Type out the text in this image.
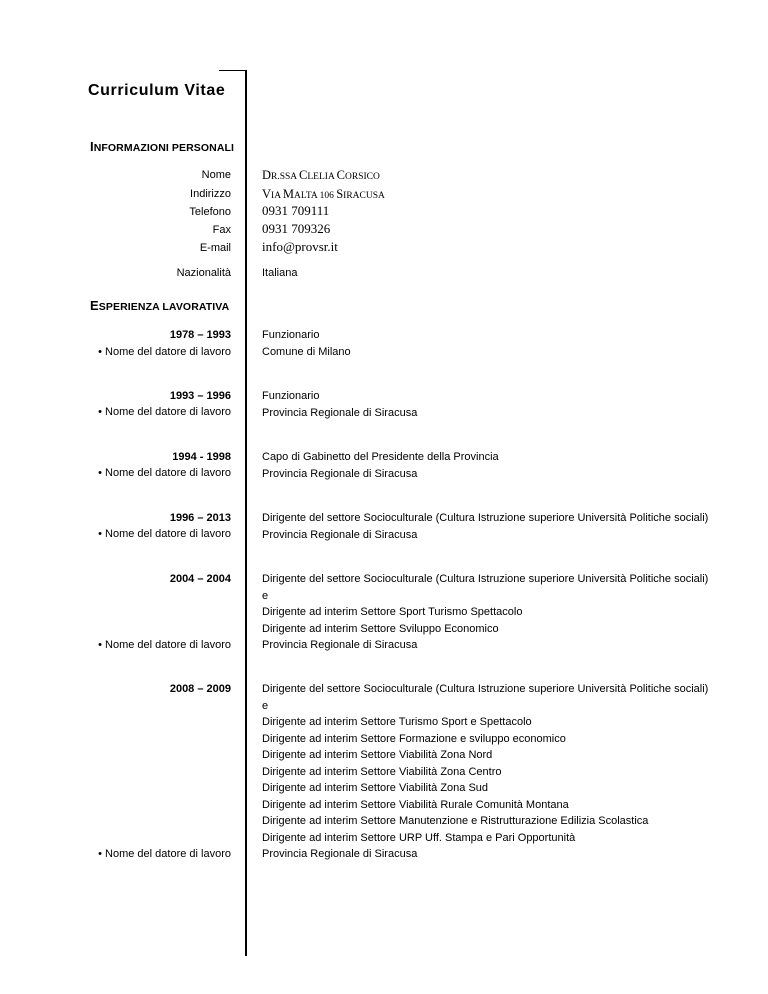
Curriculum Vitae
INFORMAZIONI PERSONALI
Nome DR.SSA CLELIA CORSICO
Indirizzo VIA MALTA 106 SIRACUSA
Telefono 0931 709111
Fax 0931 709326
E-mail info@provsr.it
Nazionalità	Italiana
ESPERIENZA LAVORATIVA
1978 – 1993
• Nome del datore di lavoro
Funzionario
Comune di Milano
1993 – 1996
• Nome del datore di lavoro
Funzionario
Provincia Regionale di Siracusa
1994 - 1998
• Nome del datore di lavoro
Capo di Gabinetto del Presidente della Provincia
Provincia Regionale di Siracusa
1996 – 2013
• Nome del datore di lavoro
Dirigente del settore Socioculturale (Cultura Istruzione superiore Università Politiche sociali)
Provincia Regionale di Siracusa
2004 – 2004
• Nome del datore di lavoro
Dirigente del settore Socioculturale (Cultura Istruzione superiore Università Politiche sociali)
e
Dirigente ad interim Settore Sport Turismo Spettacolo
Dirigente ad interim Settore Sviluppo Economico
Provincia Regionale di Siracusa
2008 – 2009
• Nome del datore di lavoro
Dirigente del settore Socioculturale (Cultura Istruzione superiore Università Politiche sociali)
e
Dirigente ad interim Settore Turismo Sport e Spettacolo
Dirigente ad interim Settore Formazione e sviluppo economico
Dirigente ad interim Settore Viabilità Zona Nord
Dirigente ad interim Settore Viabilità Zona Centro
Dirigente ad interim Settore Viabilità Zona Sud
Dirigente ad interim Settore Viabilità Rurale Comunità Montana
Dirigente ad interim Settore Manutenzione e Ristrutturazione Edilizia Scolastica
Dirigente ad interim Settore URP Uff. Stampa e Pari Opportunità
Provincia Regionale di Siracusa
